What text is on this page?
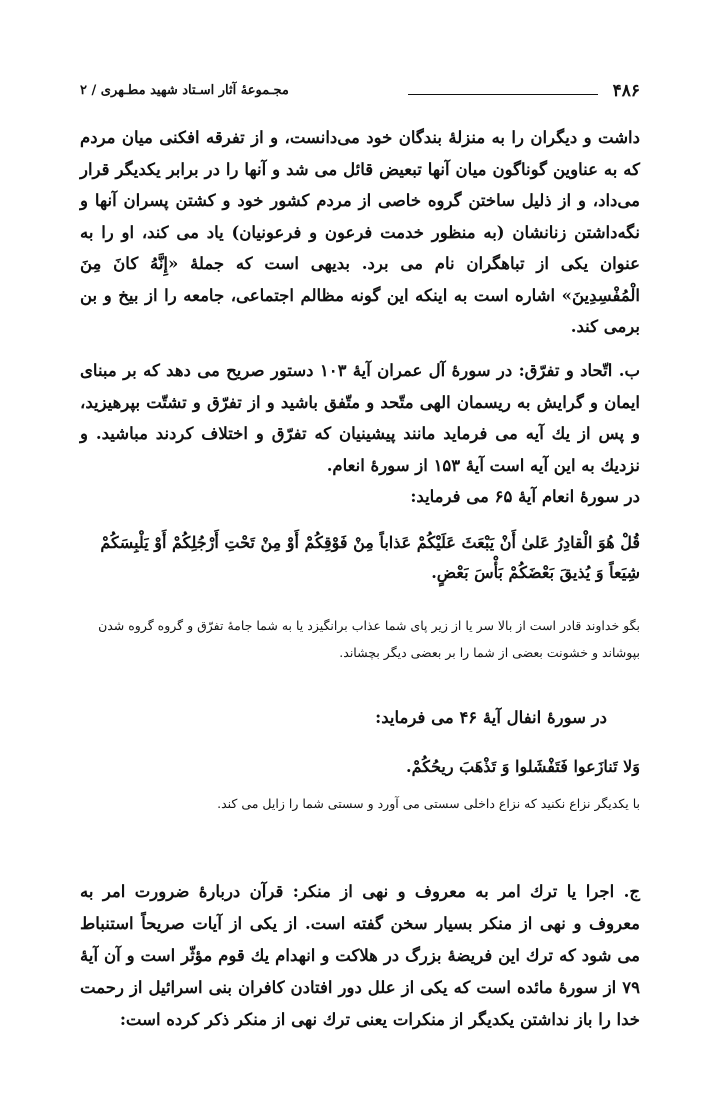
۴۸۶
مجـموعهٔ آثار اسـتاد شهید مطـهری / ۲
داشت و دیگران را به منزلهٔ بندگان خود می‌دانست، و از تفرقه افکنی میان مردم که به عناوین گوناگون میان آنها تبعیض قائل می شد و آنها را در برابر یکدیگر قرار می‌داد، و از ذلیل ساختن گروه خاصی از مردم کشور خود و کشتن پسران آنها و نگه‌داشتن زنانشان (به منظور خدمت فرعون و فرعونیان) یاد می کند، او را به عنوان یکی از تباهگران نام می برد. بدیهی است که جملهٔ «إِنَّهُ كانَ مِنَ الْمُفْسِدِينَ» اشاره است به اینکه این گونه مظالم اجتماعی، جامعه را از بیخ و بن برمی کند.
ب. اتّحاد و تفرّق: در سورهٔ آل عمران آیهٔ ۱۰۳ دستور صریح می دهد که بر مبنای ایمان و گرایش به ریسمان الهی متّحد و متّفق باشید و از تفرّق و تشتّت بپرهیزید، و پس از یك آیه می فرماید مانند پیشینیان که تفرّق و اختلاف کردند مباشید. و نزدیك به این آیه است آیهٔ ۱۵۳ از سورهٔ انعام.
در سورهٔ انعام آیهٔ ۶۵ می فرماید:
قُلْ هُوَ الْقادِرُ عَلىٰ أَنْ يَبْعَثَ عَلَيْكُمْ عَذاباً مِنْ فَوْقِكُمْ أَوْ مِنْ تَحْتِ أَرْجُلِكُمْ أَوْ يَلْبِسَكُمْ شِيَعاً وَ يُذيقَ بَعْضَكُمْ بَأْسَ بَعْضٍ.
بگو خداوند قادر است از بالا سر یا از زیر پای شما عذاب برانگیزد یا به شما جامهٔ تفرّق و گروه گروه شدن بپوشاند و خشونت بعضی از شما را بر بعضی دیگر بچشاند.
در سورهٔ انفال آیهٔ ۴۶ می فرماید:
وَلا تَنازَعوا فَتَفْشَلوا وَ تَذْهَبَ ريحُكُمْ.
با یکدیگر نزاع نکنید که نزاع داخلی سستی می آورد و سستی شما را زایل می کند.
ج. اجرا یا ترك امر به معروف و نهی از منكر: قرآن دربارهٔ ضرورت امر به معروف و نهی از منکر بسیار سخن گفته است. از یکی از آیات صریحاً استنباط می شود که ترك این فریضهٔ بزرگ در هلاکت و انهدام یك قوم مؤثّر است و آن آیهٔ ۷۹ از سورهٔ مائده است که یکی از علل دور افتادن کافران بنی اسرائیل از رحمت خدا را باز نداشتن یکدیگر از منکرات یعنی ترك نهی از منکر ذکر کرده است:
